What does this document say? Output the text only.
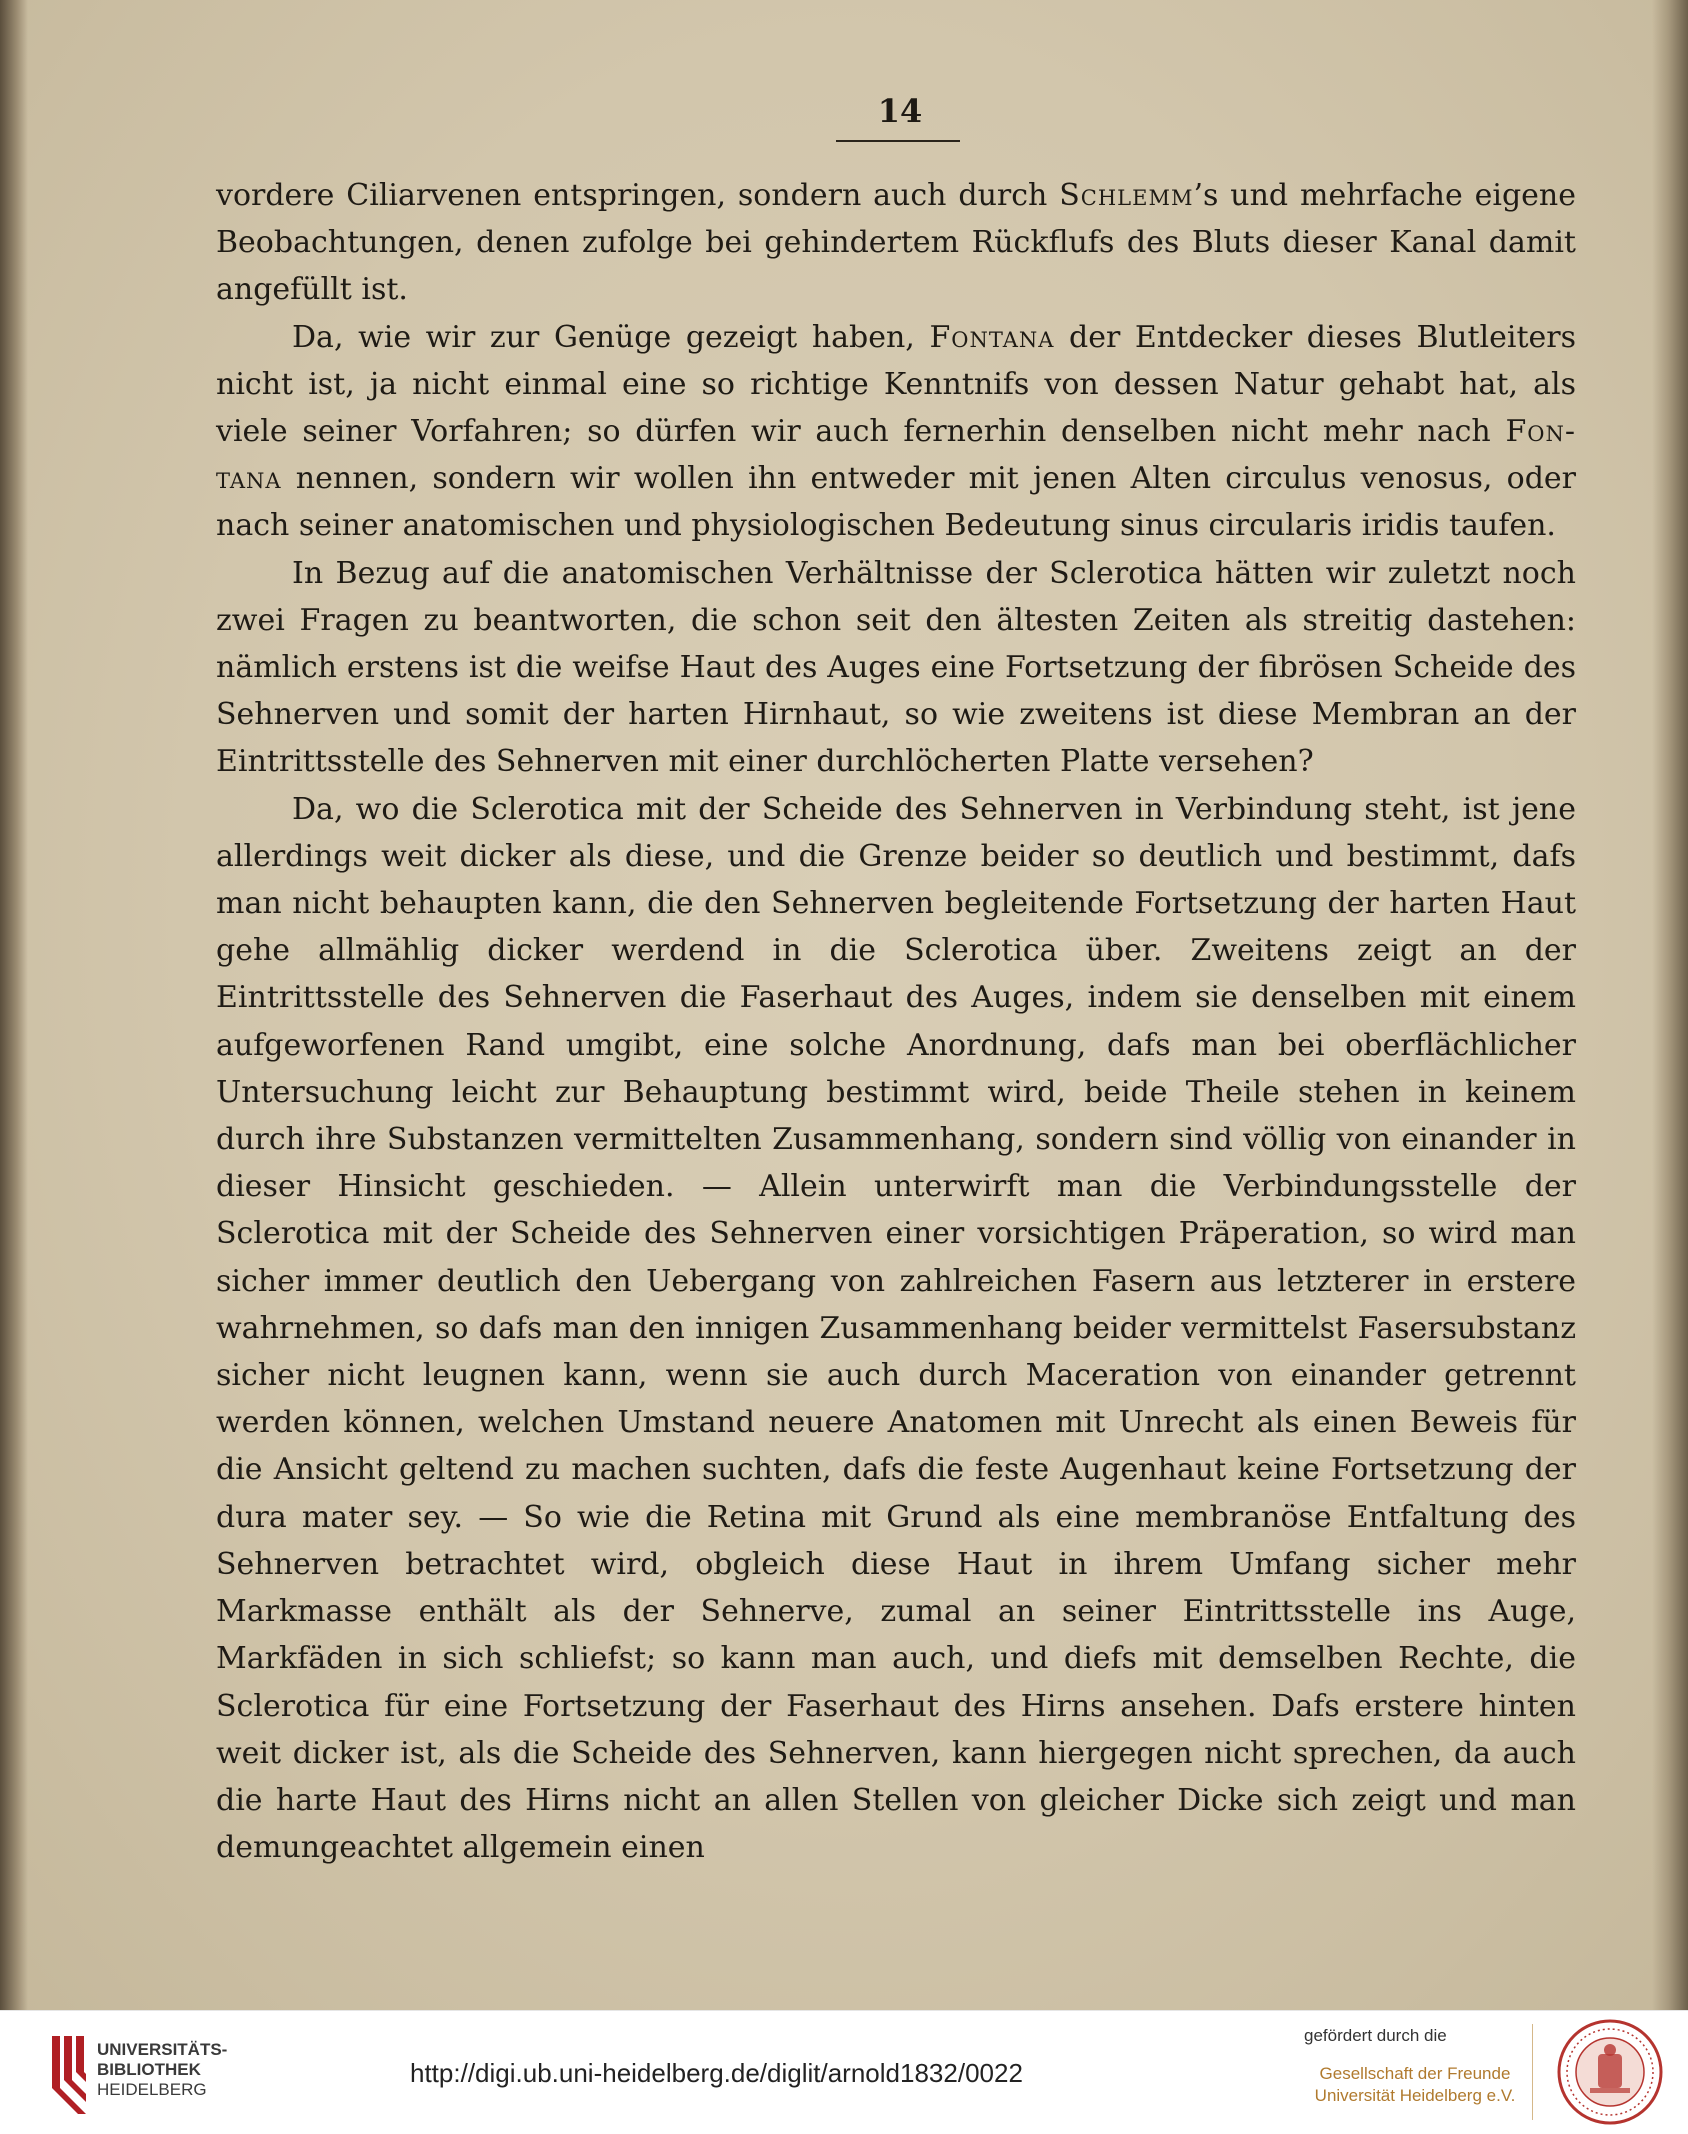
14

vordere Ciliarvenen entspringen, sondern auch durch Schlemm’s und mehrfache eigene Beobachtungen, denen zufolge bei gehindertem Rückflufs des Bluts dieser Kanal damit angefüllt ist.

Da, wie wir zur Genüge gezeigt haben, Fontana der Entdecker dieses Blutleiters nicht ist, ja nicht einmal eine so richtige Kenntnifs von dessen Natur gehabt hat, als viele seiner Vorfahren; so dürfen wir auch fernerhin denselben nicht mehr nach Fon-tana nennen, sondern wir wollen ihn entweder mit jenen Alten circulus venosus, oder nach seiner anatomischen und physiologischen Bedeutung sinus circularis iridis taufen.

In Bezug auf die anatomischen Verhältnisse der Sclerotica hätten wir zuletzt noch zwei Fragen zu beantworten, die schon seit den ältesten Zeiten als streitig dastehen: nämlich erstens ist die weifse Haut des Auges eine Fortsetzung der fibrösen Scheide des Sehnerven und somit der harten Hirnhaut, so wie zweitens ist diese Membran an der Eintrittsstelle des Sehnerven mit einer durchlöcherten Platte versehen?

Da, wo die Sclerotica mit der Scheide des Sehnerven in Verbindung steht, ist jene allerdings weit dicker als diese, und die Grenze beider so deutlich und bestimmt, dafs man nicht behaupten kann, die den Sehnerven begleitende Fortsetzung der harten Haut gehe allmählig dicker werdend in die Sclerotica über. Zweitens zeigt an der Eintrittsstelle des Sehnerven die Faserhaut des Auges, indem sie denselben mit einem aufgeworfenen Rand umgibt, eine solche Anordnung, dafs man bei oberflächlicher Untersuchung leicht zur Behauptung bestimmt wird, beide Theile stehen in keinem durch ihre Substanzen vermittelten Zusammenhang, sondern sind völlig von einander in dieser Hinsicht geschieden. — Allein unterwirft man die Verbindungsstelle der Sclerotica mit der Scheide des Sehnerven einer vorsichtigen Präperation, so wird man sicher immer deutlich den Uebergang von zahlreichen Fasern aus letzterer in erstere wahrnehmen, so dafs man den innigen Zusammenhang beider vermittelst Fasersubstanz sicher nicht leugnen kann, wenn sie auch durch Maceration von einander getrennt werden können, welchen Umstand neuere Anatomen mit Unrecht als einen Beweis für die Ansicht geltend zu machen suchten, dafs die feste Augenhaut keine Fortsetzung der dura mater sey. — So wie die Retina mit Grund als eine membranöse Entfaltung des Sehnerven betrachtet wird, obgleich diese Haut in ihrem Umfang sicher mehr Markmasse enthält als der Sehnerve, zumal an seiner Eintrittsstelle ins Auge, Markfäden in sich schliefst; so kann man auch, und diefs mit demselben Rechte, die Sclerotica für eine Fortsetzung der Faserhaut des Hirns ansehen. Dafs erstere hinten weit dicker ist, als die Scheide des Sehnerven, kann hiergegen nicht sprechen, da auch die harte Haut des Hirns nicht an allen Stellen von gleicher Dicke sich zeigt und man demungeachtet allgemein einen

UNIVERSITÄTS-
BIBLIOTHEK
HEIDELBERG
http://digi.ub.uni-heidelberg.de/diglit/arnold1832/0022
gefördert durch die
Gesellschaft der Freunde
Universität Heidelberg e.V.
